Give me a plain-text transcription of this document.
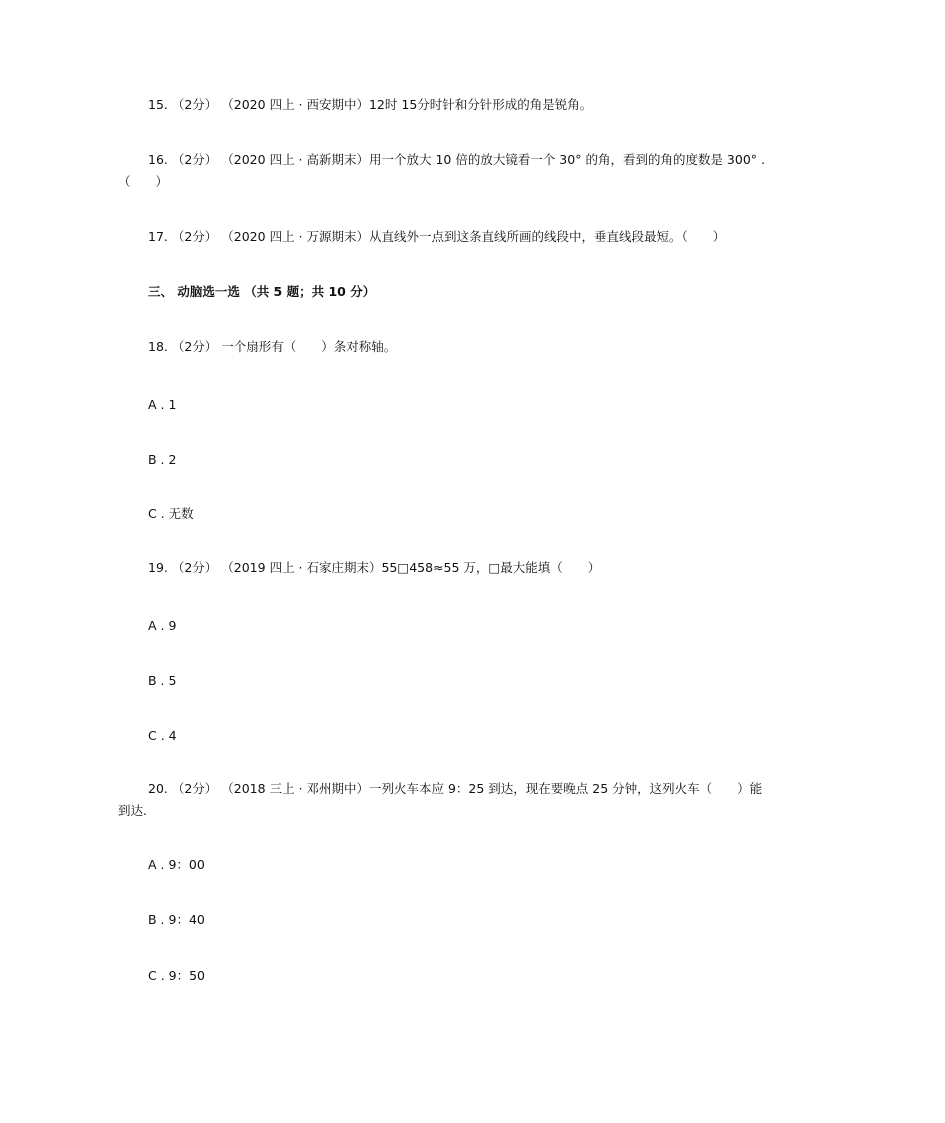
15. （2分） （2020 四上 · 西安期中）12时 15分时针和分针形成的角是锐角。
16. （2分） （2020 四上 · 高新期末）用一个放大 10 倍的放大镜看一个 30° 的角，看到的角的度数是 300° .
（　　）
17. （2分） （2020 四上 · 万源期末）从直线外一点到这条直线所画的线段中，垂直线段最短。（　　）
三、 动脑选一选 （共 5 题；共 10 分）
18. （2分） 一个扇形有（　　）条对称轴。
A . 1
B . 2
C . 无数
19. （2分） （2019 四上 · 石家庄期末）55□458≈55 万，□最大能填（　　）
A . 9
B . 5
C . 4
20. （2分） （2018 三上 · 邓州期中）一列火车本应 9：25 到达，现在要晚点 25 分钟，这列火车（　　）能
到达.
A . 9：00
B . 9：40
C . 9：50
